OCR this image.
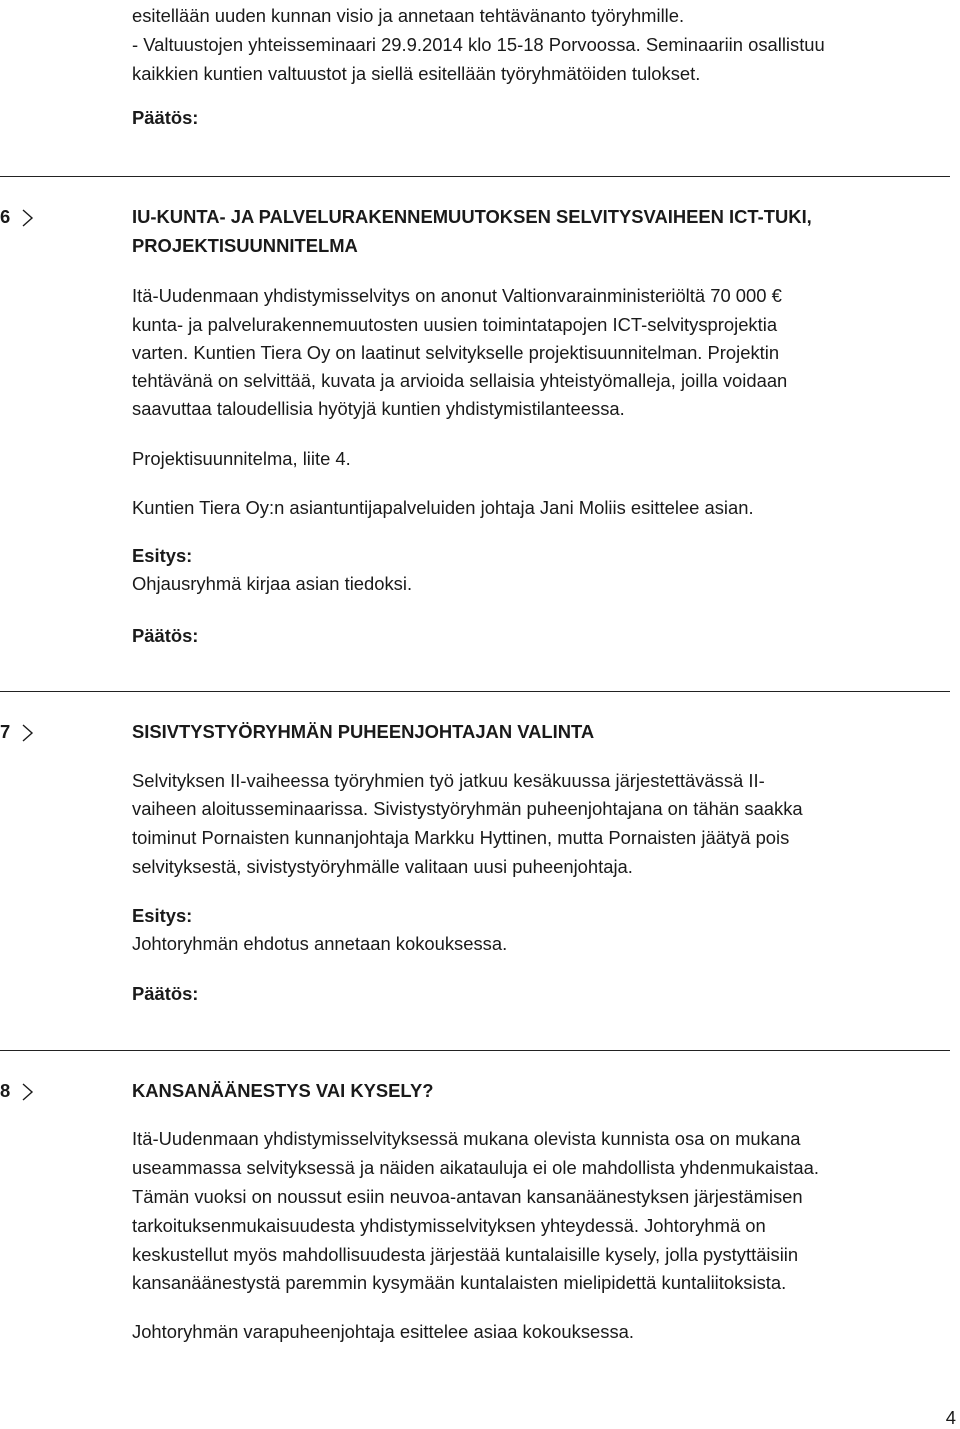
esitellään uuden kunnan visio ja annetaan tehtävänanto työryhmille.
- Valtuustojen yhteisseminaari 29.9.2014 klo 15-18 Porvoossa. Seminaariin osallistuu
kaikkien kuntien valtuustot ja siellä esitellään työryhmätöiden tulokset.
Päätös:
6	IU-KUNTA- JA PALVELURAKENNEMUUTOKSEN SELVITYSVAIHEEN ICT-TUKI,
PROJEKTISUUNNITELMA
Itä-Uudenmaan yhdistymisselvitys on anonut Valtionvarainministeriöltä 70 000 €
kunta- ja palvelurakennemuutosten uusien toimintatapojen ICT-selvitysprojektia
varten. Kuntien Tiera Oy on laatinut selvitykselle projektisuunnitelman. Projektin
tehtävänä on selvittää, kuvata ja arvioida sellaisia yhteistyömalleja, joilla voidaan
saavuttaa taloudellisia hyötyjä kuntien yhdistymistilanteessa.
Projektisuunnitelma, liite 4.
Kuntien Tiera Oy:n asiantuntijapalveluiden johtaja Jani Moliis esittelee asian.
Esitys:
Ohjausryhmä kirjaa asian tiedoksi.
Päätös:
7	SISIVTYSTYÖRYHMÄN PUHEENJOHTAJAN VALINTA
Selvityksen II-vaiheessa työryhmien työ jatkuu kesäkuussa järjestettävässä II-
vaiheen aloitusseminaarissa. Sivistystyöryhmän puheenjohtajana on tähän saakka
toiminut Pornaisten kunnanjohtaja Markku Hyttinen, mutta Pornaisten jäätyä pois
selvityksestä, sivistystyöryhmälle valitaan uusi puheenjohtaja.
Esitys:
Johtoryhmän ehdotus annetaan kokouksessa.
Päätös:
8	KANSANÄÄNESTYS VAI KYSELY?
Itä-Uudenmaan yhdistymisselvityksessä mukana olevista kunnista osa on mukana
useammassa selvityksessä ja näiden aikatauluja ei ole mahdollista yhdenmukaistaa.
Tämän vuoksi on noussut esiin neuvoa-antavan kansanäänestyksen järjestämisen
tarkoituksenmukaisuudesta yhdistymisselvityksen yhteydessä. Johtoryhmä on
keskustellut myös mahdollisuudesta järjestää kuntalaisille kysely, jolla pystyttäisiin
kansanäänestystä paremmin kysymään kuntalaisten mielipidettä kuntaliitoksista.
Johtoryhmän varapuheenjohtaja esittelee asiaa kokouksessa.
4
